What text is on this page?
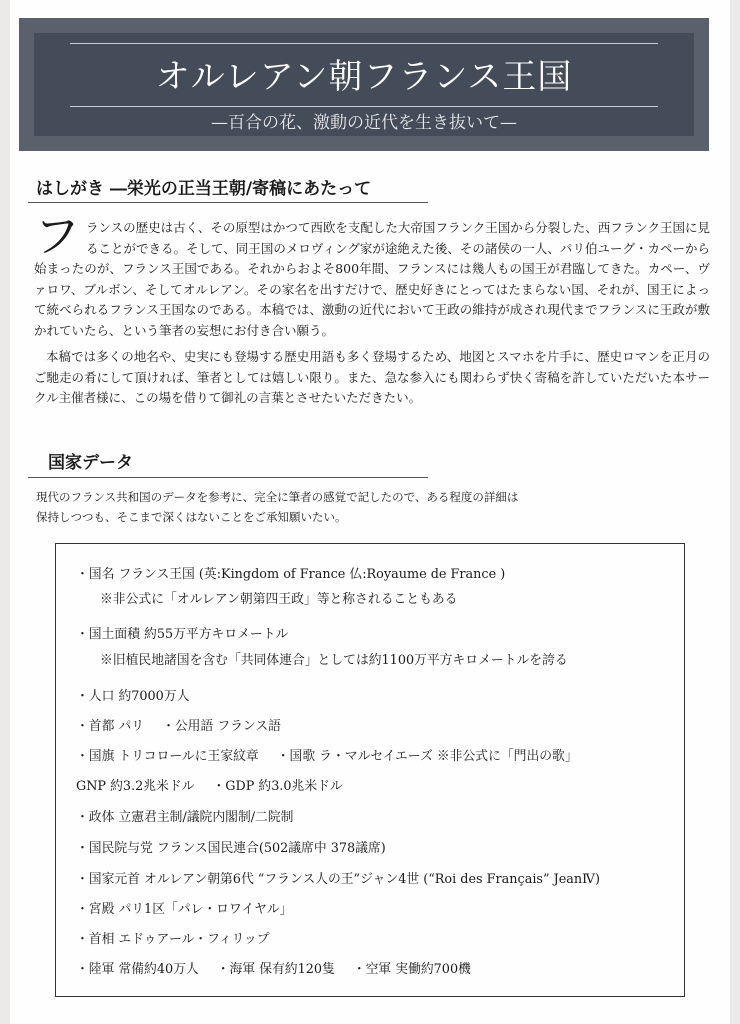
オルレアン朝フランス王国
—百合の花、激動の近代を生き抜いて—
はしがき ―栄光の正当王朝/寄稿にあたって
フランスの歴史は古く、その原型はかつて西欧を支配した大帝国フランク王国から分裂した、西フランク王国に見ることができる。そして、同王国のメロヴィング家が途絶えた後、その諸侯の一人、パリ伯ユーグ・カペーから始まったのが、フランス王国である。それからおよそ800年間、フランスには幾人もの国王が君臨してきた。カペー、ヴァロワ、ブルボン、そしてオルレアン。その家名を出すだけで、歴史好きにとってはたまらない国、それが、国王によって統べられるフランス王国なのである。本稿では、激動の近代において王政の維持が成され現代までフランスに王政が敷かれていたら、という筆者の妄想にお付き合い願う。
本稿では多くの地名や、史実にも登場する歴史用語も多く登場するため、地図とスマホを片手に、歴史ロマンを正月のご馳走の肴にして頂ければ、筆者としては嬉しい限り。また、急な参入にも関わらず快く寄稿を許していただいた本サークル主催者様に、この場を借りて御礼の言葉とさせたいただきたい。
国家データ
現代のフランス共和国のデータを参考に、完全に筆者の感覚で記したので、ある程度の詳細は
保持しつつも、そこまで深くはないことをご承知願いたい。
・国名 フランス王国 (英:Kingdom of France 仏:Royaume de France )
※非公式に「オルレアン朝第四王政」等と称されることもある
・国土面積 約55万平方キロメートル
※旧植民地諸国を含む「共同体連合」としては約1100万平方キロメートルを誇る
・人口 約7000万人
・首都 パリ ・公用語 フランス語
・国旗 トリコロールに王家紋章 ・国歌 ラ・マルセイエーズ ※非公式に「門出の歌」
GNP 約3.2兆米ドル ・GDP 約3.0兆米ドル
・政体 立憲君主制/議院内閣制/二院制
・国民院与党 フランス国民連合(502議席中 378議席)
・国家元首 オルレアン朝第6代 “フランス人の王”ジャン4世 (“Roi des Français” JeanⅣ)
・宮殿 パリ1区「パレ・ロワイヤル」
・首相 エドゥアール・フィリップ
・陸軍 常備約40万人 ・海軍 保有約120隻 ・空軍 実働約700機
